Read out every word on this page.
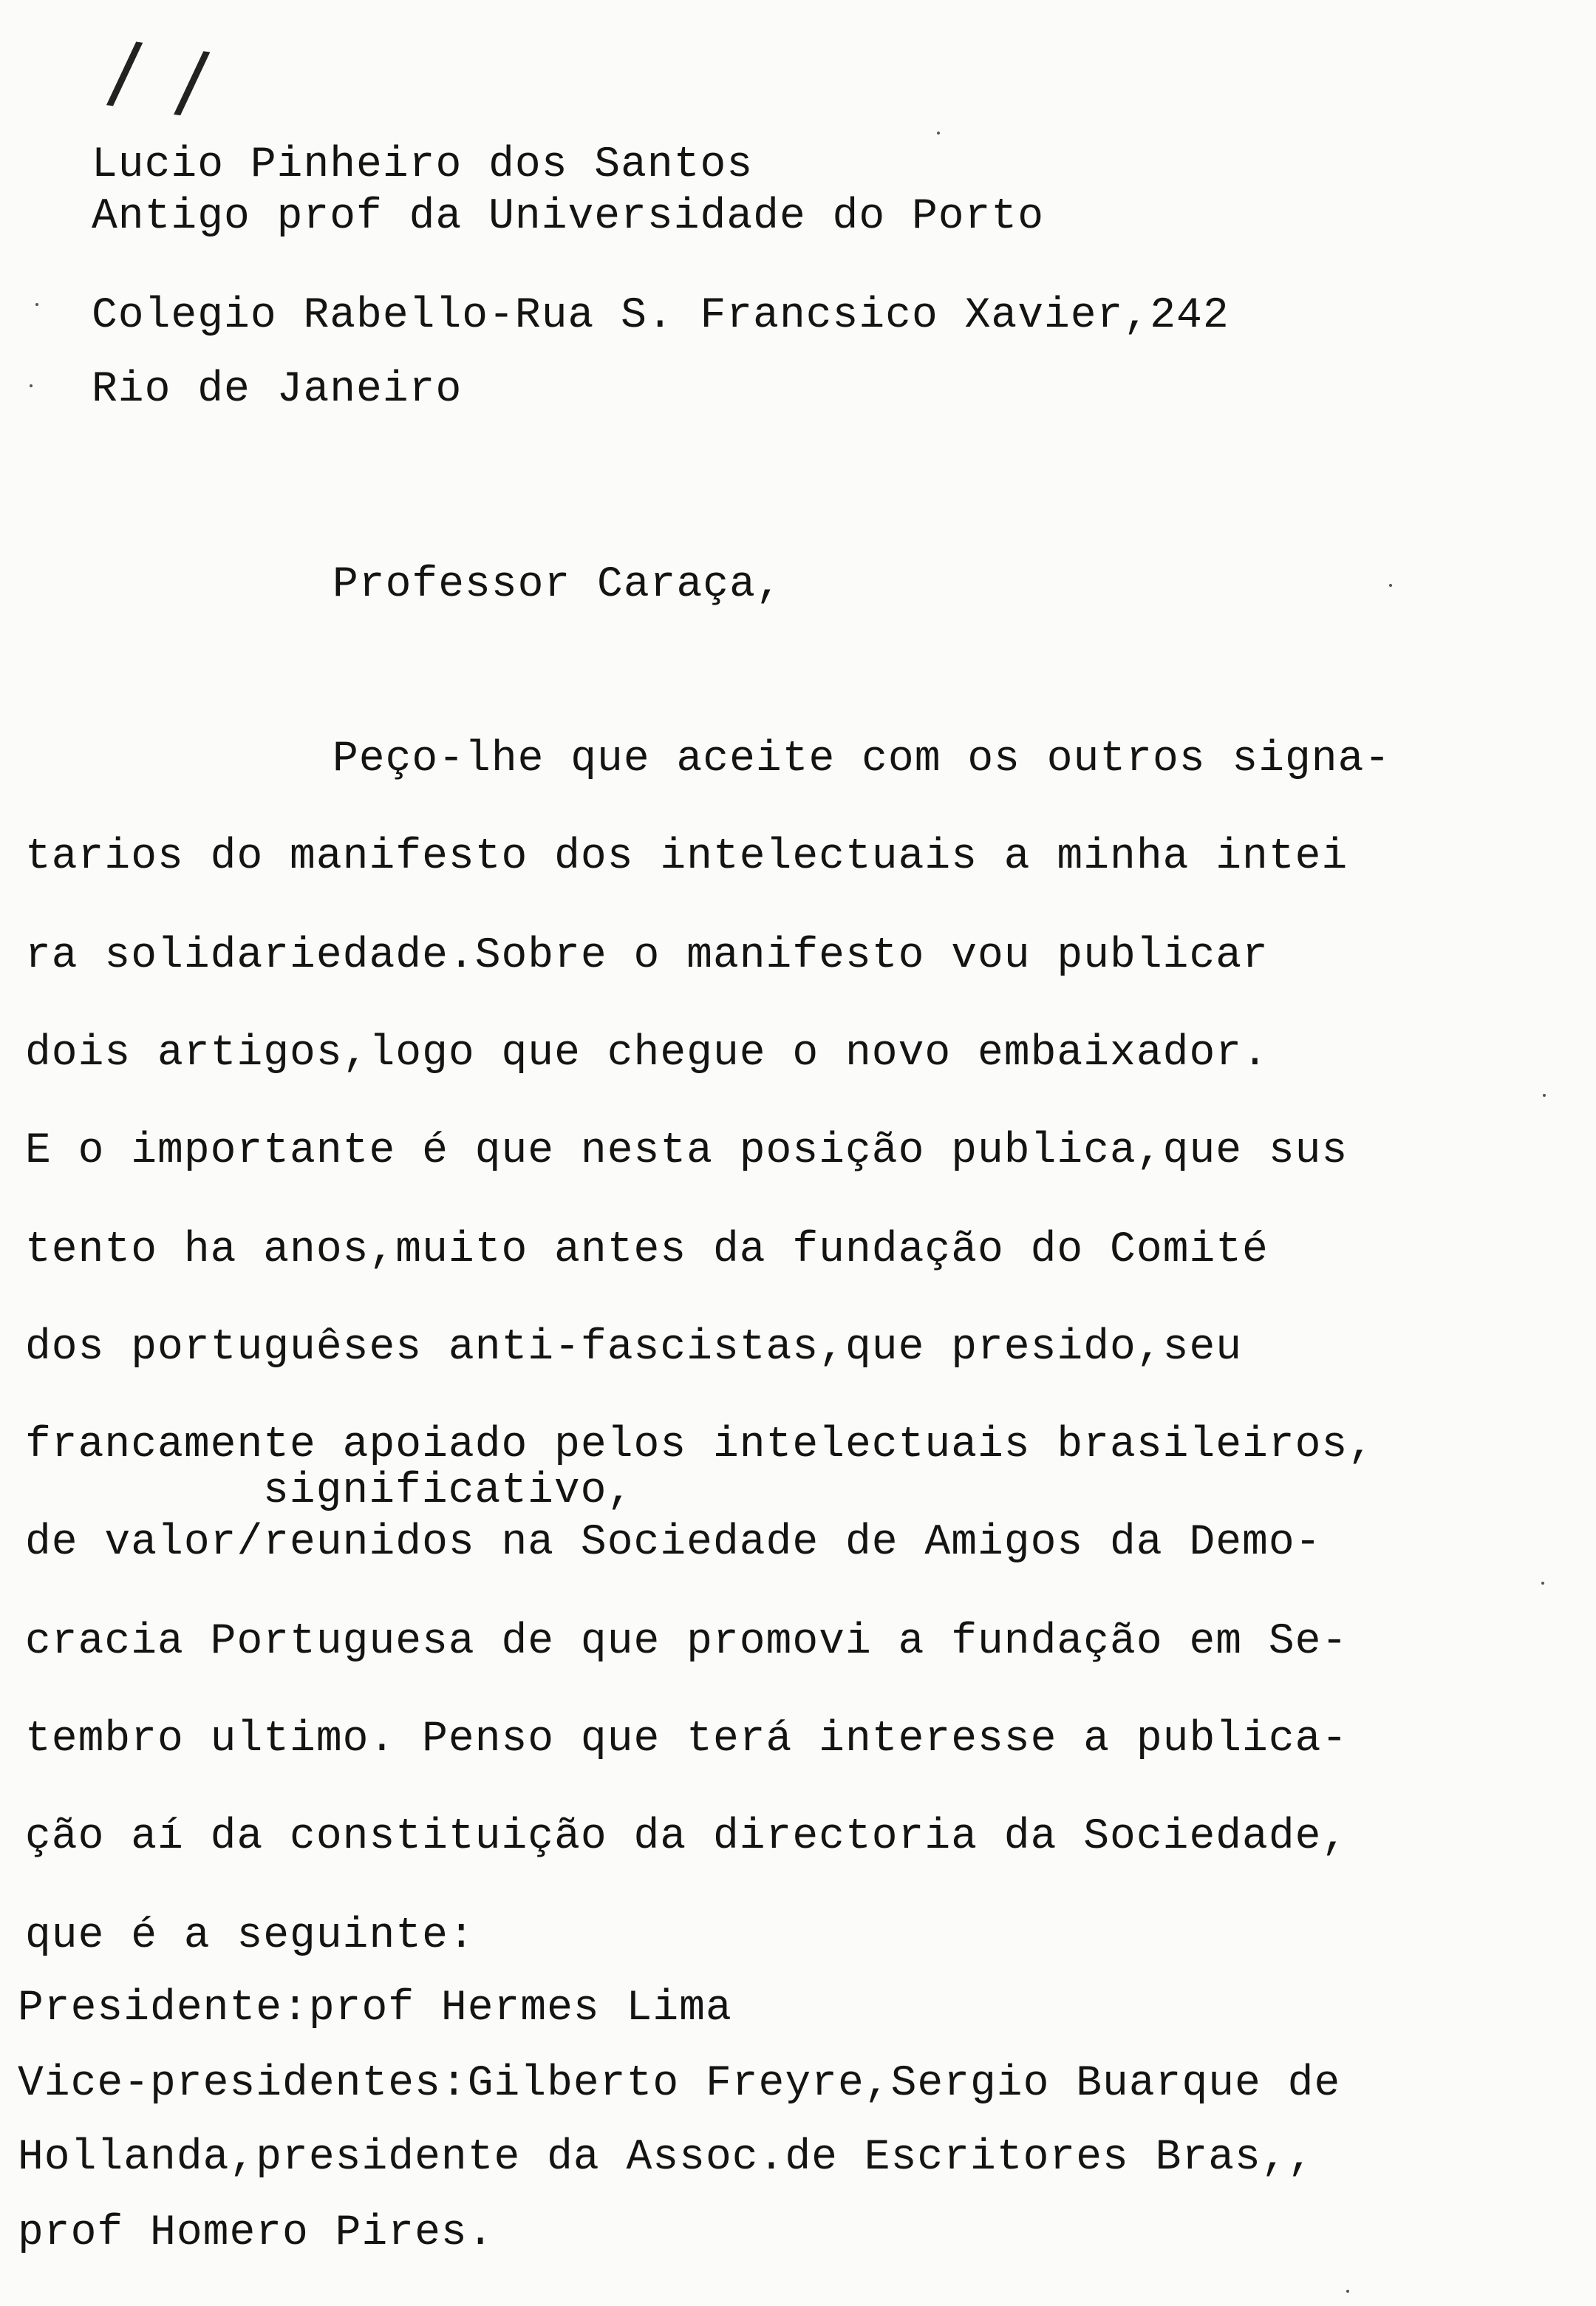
/ /
Lucio Pinheiro dos Santos
Antigo prof da Universidade do Porto
Colegio Rabello-Rua S. Francsico Xavier,242
Rio de Janeiro
Professor Caraça,
Peço-lhe que aceite com os outros signa-
tarios do manifesto dos intelectuais a minha intei
ra solidariedade.Sobre o manifesto vou publicar
dois artigos,logo que chegue o novo embaixador.
E o importante é que nesta posição publica,que sus
tento ha anos,muito antes da fundação do Comité
dos portuguêses anti-fascistas,que presido,seu
francamente apoiado pelos intelectuais brasileiros,
significativo,
de valor/reunidos na Sociedade de Amigos da Demo-
cracia Portuguesa de que promovi a fundação em Se-
tembro ultimo. Penso que terá interesse a publica-
ção aí da constituição da directoria da Sociedade,
que é a seguinte:
Presidente:prof Hermes Lima
Vice-presidentes:Gilberto Freyre,Sergio Buarque de
Hollanda,presidente da Assoc.de Escritores Bras,,
prof Homero Pires.
